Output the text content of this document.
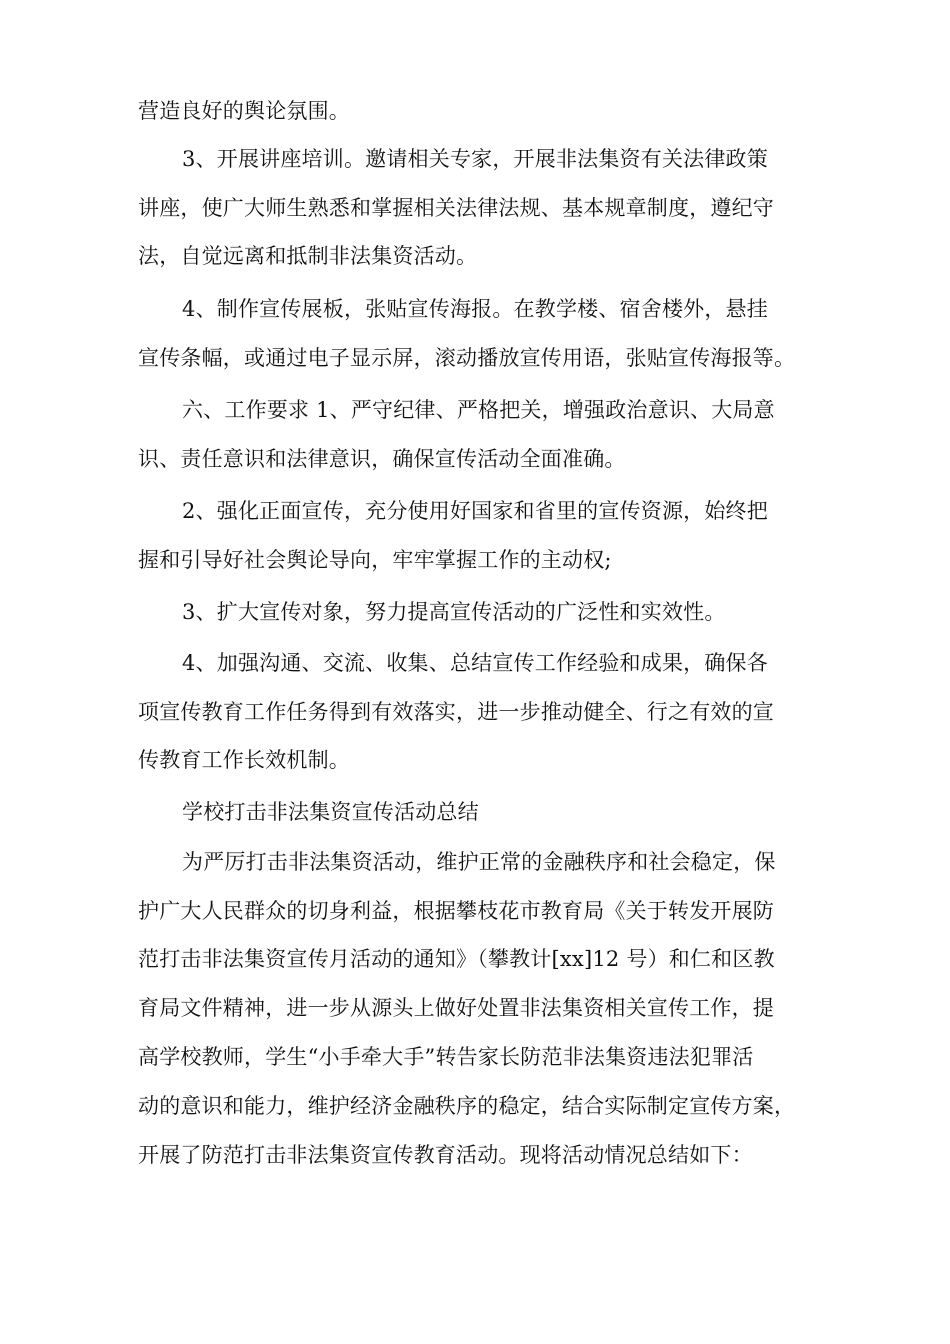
营造良好的舆论氛围。
3、开展讲座培训。邀请相关专家，开展非法集资有关法律政策
讲座，使广大师生熟悉和掌握相关法律法规、基本规章制度，遵纪守
法，自觉远离和抵制非法集资活动。
4、制作宣传展板，张贴宣传海报。在教学楼、宿舍楼外，悬挂
宣传条幅，或通过电子显示屏，滚动播放宣传用语，张贴宣传海报等。
六、工作要求 1、严守纪律、严格把关，增强政治意识、大局意
识、责任意识和法律意识，确保宣传活动全面准确。
2、强化正面宣传，充分使用好国家和省里的宣传资源，始终把
握和引导好社会舆论导向，牢牢掌握工作的主动权;
3、扩大宣传对象，努力提高宣传活动的广泛性和实效性。
4、加强沟通、交流、收集、总结宣传工作经验和成果，确保各
项宣传教育工作任务得到有效落实，进一步推动健全、行之有效的宣
传教育工作长效机制。
学校打击非法集资宣传活动总结
为严厉打击非法集资活动，维护正常的金融秩序和社会稳定，保
护广大人民群众的切身利益，根据攀枝花市教育局《关于转发开展防
范打击非法集资宣传月活动的通知》（攀教计[xx]12 号）和仁和区教
育局文件精神，进一步从源头上做好处置非法集资相关宣传工作，提
高学校教师，学生“小手牵大手”转告家长防范非法集资违法犯罪活
动的意识和能力，维护经济金融秩序的稳定，结合实际制定宣传方案，
开展了防范打击非法集资宣传教育活动。现将活动情况总结如下：
